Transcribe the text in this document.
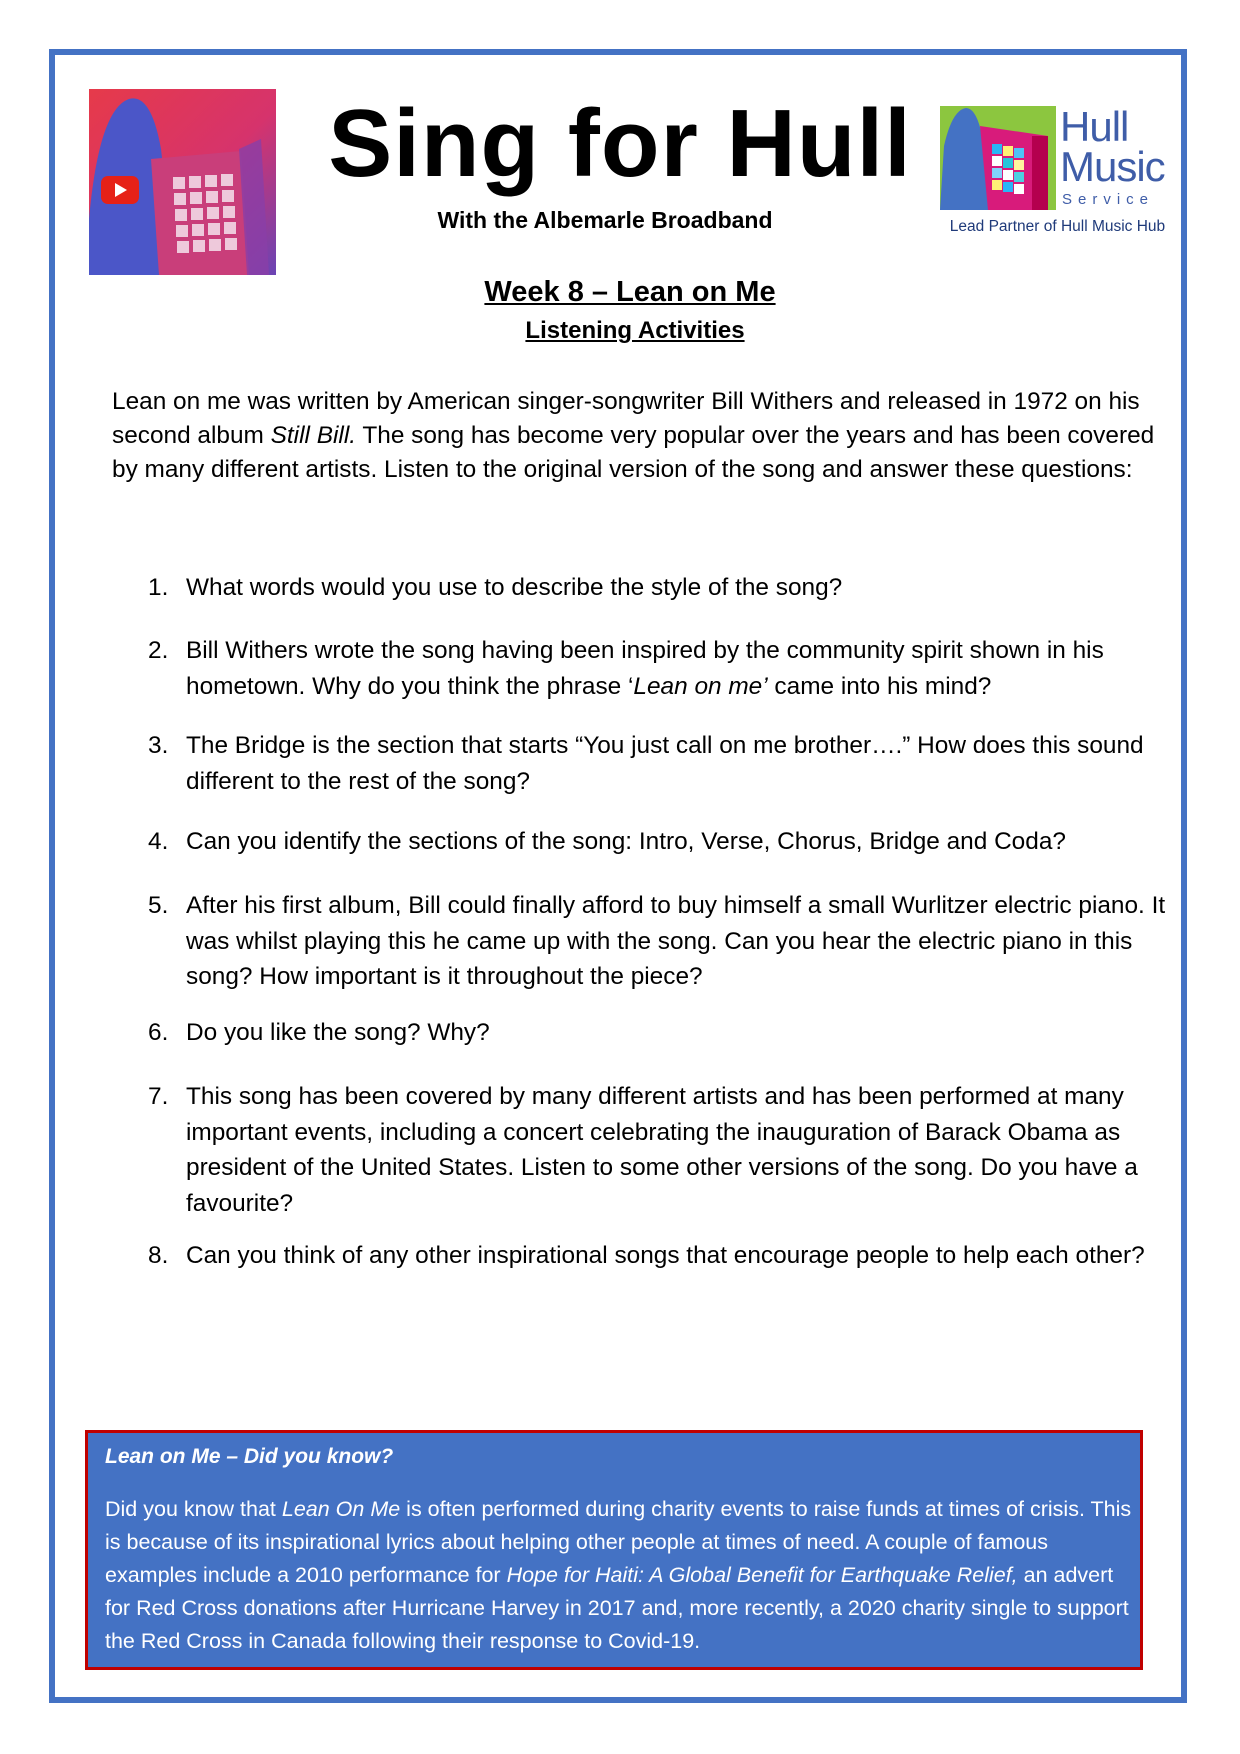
Sing for Hull
With the Albemarle Broadband
Hull
Music
Service
Lead Partner of Hull Music Hub
Week 8 – Lean on Me
Listening Activities

Lean on me was written by American singer-songwriter Bill Withers and released in 1972 on his second album Still Bill. The song has become very popular over the years and has been covered by many different artists. Listen to the original version of the song and answer these questions:

1. What words would you use to describe the style of the song?
2. Bill Withers wrote the song having been inspired by the community spirit shown in his hometown. Why do you think the phrase ‘Lean on me’ came into his mind?
3. The Bridge is the section that starts “You just call on me brother….” How does this sound different to the rest of the song?
4. Can you identify the sections of the song: Intro, Verse, Chorus, Bridge and Coda?
5. After his first album, Bill could finally afford to buy himself a small Wurlitzer electric piano. It was whilst playing this he came up with the song. Can you hear the electric piano in this song? How important is it throughout the piece?
6. Do you like the song? Why?
7. This song has been covered by many different artists and has been performed at many important events, including a concert celebrating the inauguration of Barack Obama as president of the United States. Listen to some other versions of the song. Do you have a favourite?
8. Can you think of any other inspirational songs that encourage people to help each other?
Lean on Me – Did you know?
Did you know that Lean On Me is often performed during charity events to raise funds at times of crisis. This is because of its inspirational lyrics about helping other people at times of need. A couple of famous examples include a 2010 performance for Hope for Haiti: A Global Benefit for Earthquake Relief, an advert for Red Cross donations after Hurricane Harvey in 2017 and, more recently, a 2020 charity single to support the Red Cross in Canada following their response to Covid-19.
